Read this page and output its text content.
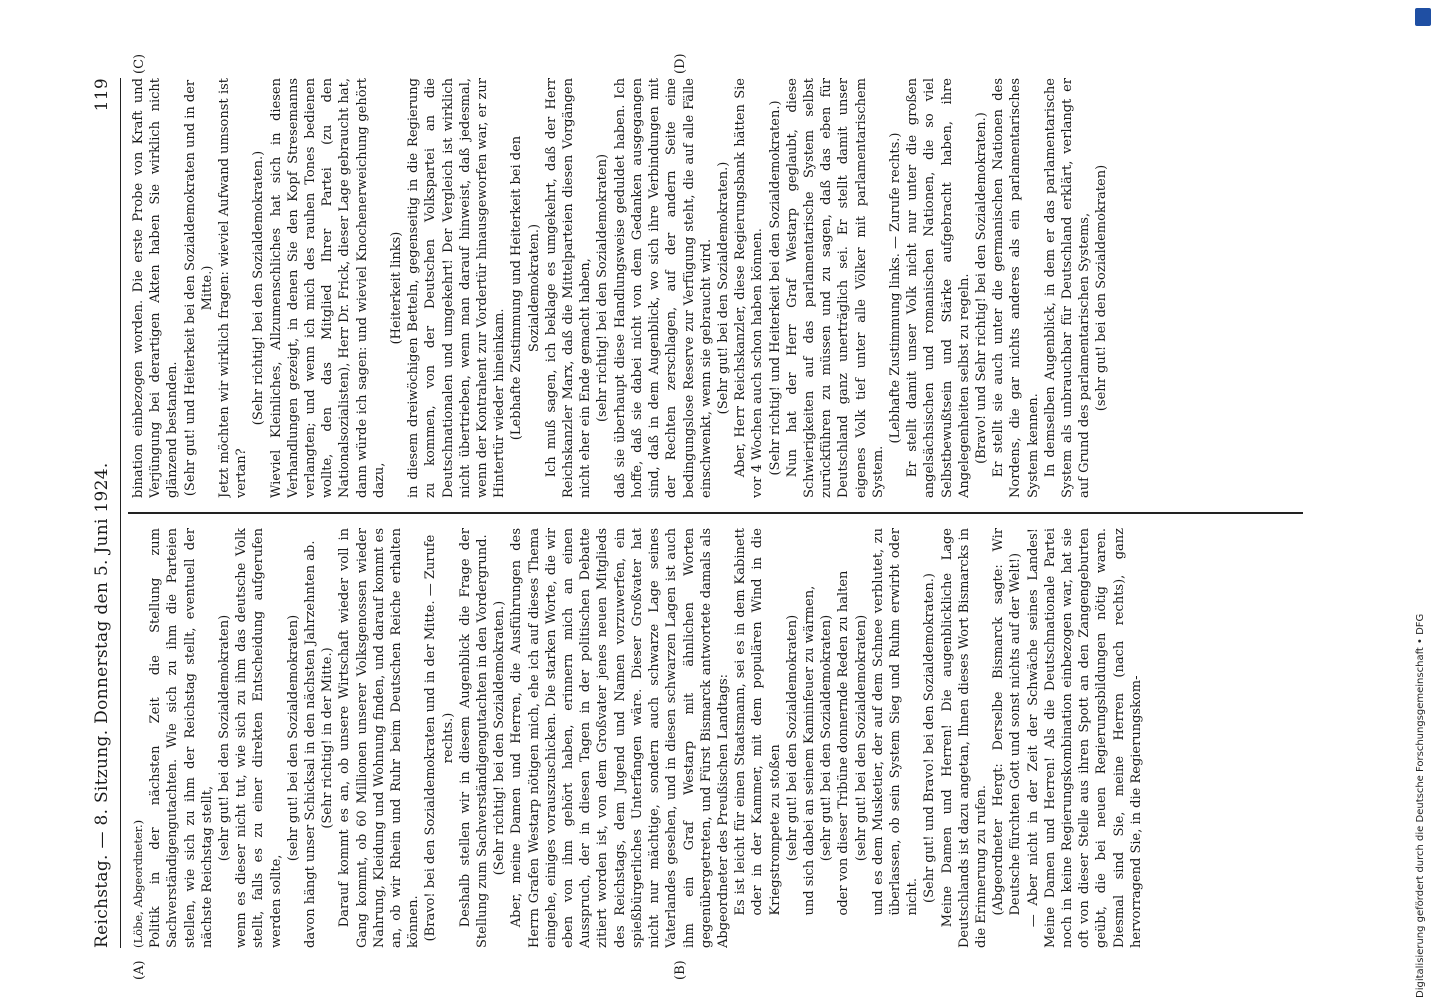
Reichstag. — 8. Sitzung. Donnerstag den 5. Juni 1924.
119
(A)	(B)
(C)	(D)

(Löbe, Abgeordneter.) Politik in der nächsten Zeit die Stellung zum Sachverständigengutachten. Wie sich zu ihm die Parteien stellen, wie sich zu ihm der Reichstag stellt, eventuell der nächste Reichstag stellt,

(sehr gut! bei den Sozialdemokraten) wenn es dieser nicht tut, wie sich zu ihm das deutsche Volk stellt, falls es zu einer direkten Entscheidung aufgerufen werden sollte,

(sehr gut! bei den Sozialdemokraten) davon hängt unser Schicksal in den nächsten Jahrzehnten ab. (Sehr richtig! in der Mitte.) Darauf kommt es an, ob unsere Wirtschaft wieder voll in Gang kommt, ob 60 Millionen unserer Volksgenossen wieder Nahrung, Kleidung und Wohnung finden, und darauf kommt es an, ob wir Rhein und Ruhr beim Deutschen Reiche erhalten können. (Bravo! bei den Sozialdemokraten und in der Mitte. — Zurufe rechts.) Deshalb stellen wir in diesem Augenblick die Frage der Stellung zum Sachverständigengutachten in den Vordergrund. (Sehr richtig! bei den Sozialdemokraten.) Aber, meine Damen und Herren, die Ausführungen des Herrn Grafen Westarp nötigen mich, ehe ich auf dieses Thema eingehe, einiges vorauszuschicken. Die starken Worte, die wir eben von ihm gehört haben, erinnern mich an einen Ausspruch, der in diesen Tagen in der politischen Debatte zitiert worden ist, von dem Großvater jenes neuen Mitglieds des Reichstags, dem Jugend und Namen vorzuwerfen, ein spießbürgerliches Unterfangen wäre. Dieser Großvater hat nicht nur mächtige, sondern auch schwarze Lage seines Vaterlandes gesehen, und in diesen schwarzen Lagen ist auch ihm ein Graf Westarp mit ähnlichen Worten gegenübergetreten, und Fürst Bismarck antwortete damals als Abgeordneter des Preußischen Landtags: Es ist leicht für einen Staatsmann, sei es in dem Kabinett oder in der Kammer, mit dem populären Wind in die Kriegstrompete zu stoßen (sehr gut! bei den Sozialdemokraten) und sich dabei an seinem Kaminfeuer zu wärmen, (sehr gut! bei den Sozialdemokraten) oder von dieser Tribüne donnernde Reden zu halten (sehr gut! bei den Sozialdemokraten) und es dem Musketier, der auf dem Schnee verblutet, zu überlassen, ob sein System Sieg und Ruhm erwirbt oder nicht. (Sehr gut! und Bravo! bei den Sozialdemokraten.) Meine Damen und Herren! Die augenblickliche Lage Deutschlands ist dazu angetan, Ihnen dieses Wort Bismarcks in die Erinnerung zu rufen. (Abgeordneter Hergt: Derselbe Bismarck sagte: Wir Deutsche fürchten Gott und sonst nichts auf der Welt!) — Aber nicht in der Zeit der Schwäche seines Landes! Meine Damen und Herren! Als die Deutschnationale Partei noch in keine Regierungskombination einbezogen war, hat sie oft von dieser Stelle aus ihren Spott an den Zangengeburten geübt, die bei neuen Regierungsbildungen nötig waren. Diesmal sind Sie, meine Herren (nach rechts), ganz hervorragend Sie, in die Regierungskom-

bination einbezogen worden. Die erste Probe von Kraft und Verjüngung bei derartigen Akten haben Sie wirklich nicht glänzend bestanden. (Sehr gut! und Heiterkeit bei den Sozialdemokraten und in der Mitte.) Jetzt möchten wir wirklich fragen: wieviel Aufwand umsonst ist vertan?

(Sehr richtig! bei den Sozialdemokraten.) Wieviel Kleinliches, Allzumenschliches hat sich in diesen Verhandlungen gezeigt, in denen Sie den Kopf Stresemanns verlangten; und wenn ich mich des rauhen Tones bedienen wollte, den das Mitglied Ihrer Partei (zu den Nationalsozialisten), Herr Dr. Frick, dieser Lage gebraucht hat, dann würde ich sagen: und wieviel Knochenerweichung gehört dazu,

(Heiterkeit links) in diesem dreiwöchigen Betteln, gegenseitig in die Regierung zu kommen, von der Deutschen Volkspartei an die Deutschnationalen und umgekehrt! Der Vergleich ist wirklich nicht übertrieben, wenn man darauf hinweist, daß jedesmal, wenn der Kontrahent zur Vordertür hinausgeworfen war, er zur Hintertür wieder hineinkam. (Lebhafte Zustimmung und Heiterkeit bei den Sozialdemokraten.) Ich muß sagen, ich beklage es umgekehrt, daß der Herr Reichskanzler Marx, daß die Mittelparteien diesen Vorgängen nicht eher ein Ende gemacht haben, (sehr richtig! bei den Sozialdemokraten) daß sie überhaupt diese Handlungsweise geduldet haben. Ich hoffe, daß sie dabei nicht von dem Gedanken ausgegangen sind, daß in dem Augenblick, wo sich ihre Verbindungen mit der Rechten zerschlagen, auf der andern Seite eine bedingungslose Reserve zur Verfügung steht, die auf alle Fälle einschwenkt, wenn sie gebraucht wird. (Sehr gut! bei den Sozialdemokraten.) Aber, Herr Reichskanzler, diese Regierungsbank hätten Sie vor 4 Wochen auch schon haben können. (Sehr richtig! und Heiterkeit bei den Sozialdemokraten.) Nun hat der Herr Graf Westarp geglaubt, diese Schwierigkeiten auf das parlamentarische System selbst zurückführen zu müssen und zu sagen, daß das eben für Deutschland ganz unerträglich sei. Er stellt damit unser eigenes Volk tief unter alle Völker mit parlamentarischem System.

(Lebhafte Zustimmung links. — Zurufe rechts.) Er stellt damit unser Volk nicht nur unter die großen angelsächsischen und romanischen Nationen, die so viel Selbstbewußtsein und Stärke aufgebracht haben, ihre Angelegenheiten selbst zu regeln. (Bravo! und Sehr richtig! bei den Sozialdemokraten.) Er stellt sie auch unter die germanischen Nationen des Nordens, die gar nichts anderes als ein parlamentarisches System kennen. In demselben Augenblick, in dem er das parlamentarische System als unbrauchbar für Deutschland erklärt, verlangt er auf Grund des parlamentarischen Systems, (sehr gut! bei den Sozialdemokraten)

Digitalisierung gefördert durch die Deutsche Forschungsgemeinschaft • DFG
